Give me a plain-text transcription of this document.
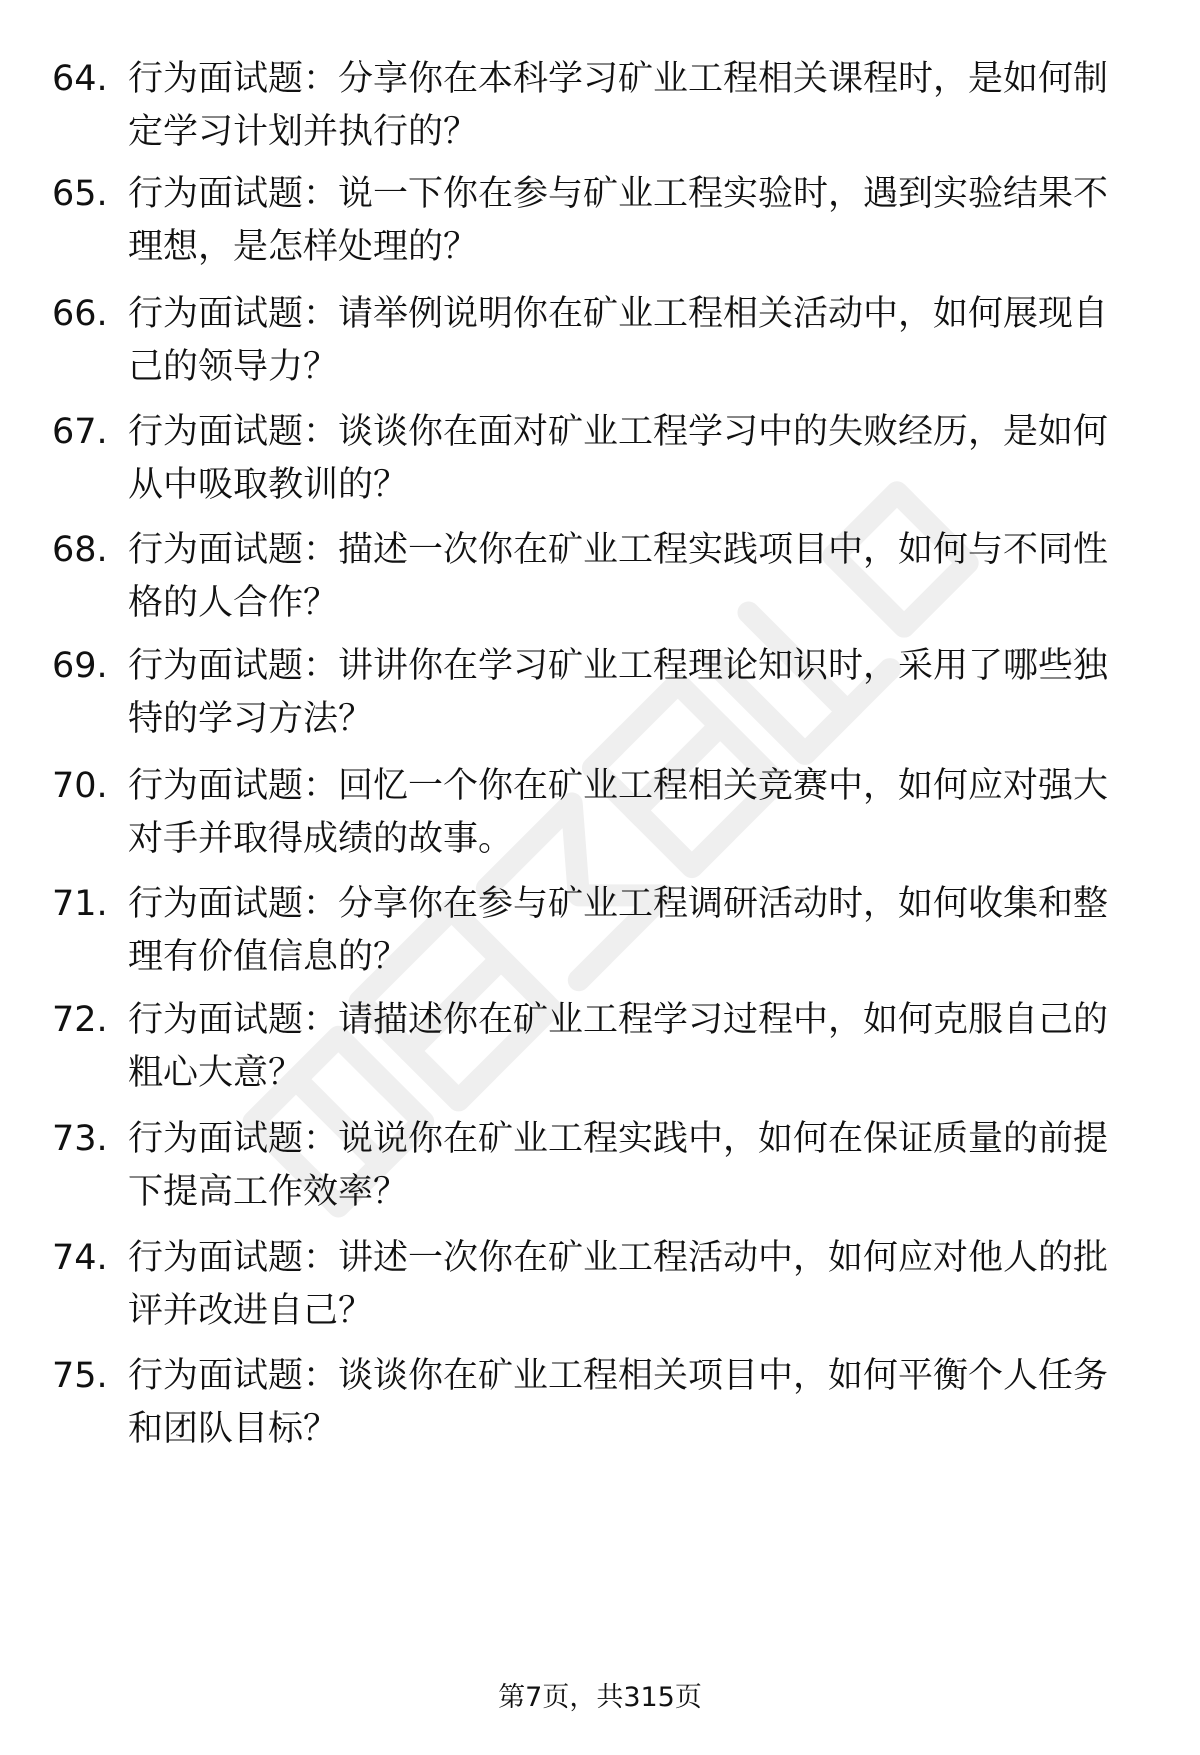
64. 行为面试题：分享你在本科学习矿业工程相关课程时，是如何制
定学习计划并执行的？
65. 行为面试题：说一下你在参与矿业工程实验时，遇到实验结果不
理想，是怎样处理的？
66. 行为面试题：请举例说明你在矿业工程相关活动中，如何展现自
己的领导力？
67. 行为面试题：谈谈你在面对矿业工程学习中的失败经历，是如何
从中吸取教训的？
68. 行为面试题：描述一次你在矿业工程实践项目中，如何与不同性
格的人合作？
69. 行为面试题：讲讲你在学习矿业工程理论知识时，采用了哪些独
特的学习方法？
70. 行为面试题：回忆一个你在矿业工程相关竞赛中，如何应对强大
对手并取得成绩的故事。
71. 行为面试题：分享你在参与矿业工程调研活动时，如何收集和整
理有价值信息的？
72. 行为面试题：请描述你在矿业工程学习过程中，如何克服自己的
粗心大意？
73. 行为面试题：说说你在矿业工程实践中，如何在保证质量的前提
下提高工作效率？
74. 行为面试题：讲述一次你在矿业工程活动中，如何应对他人的批
评并改进自己？
75. 行为面试题：谈谈你在矿业工程相关项目中，如何平衡个人任务
和团队目标？
第7页，共315页
